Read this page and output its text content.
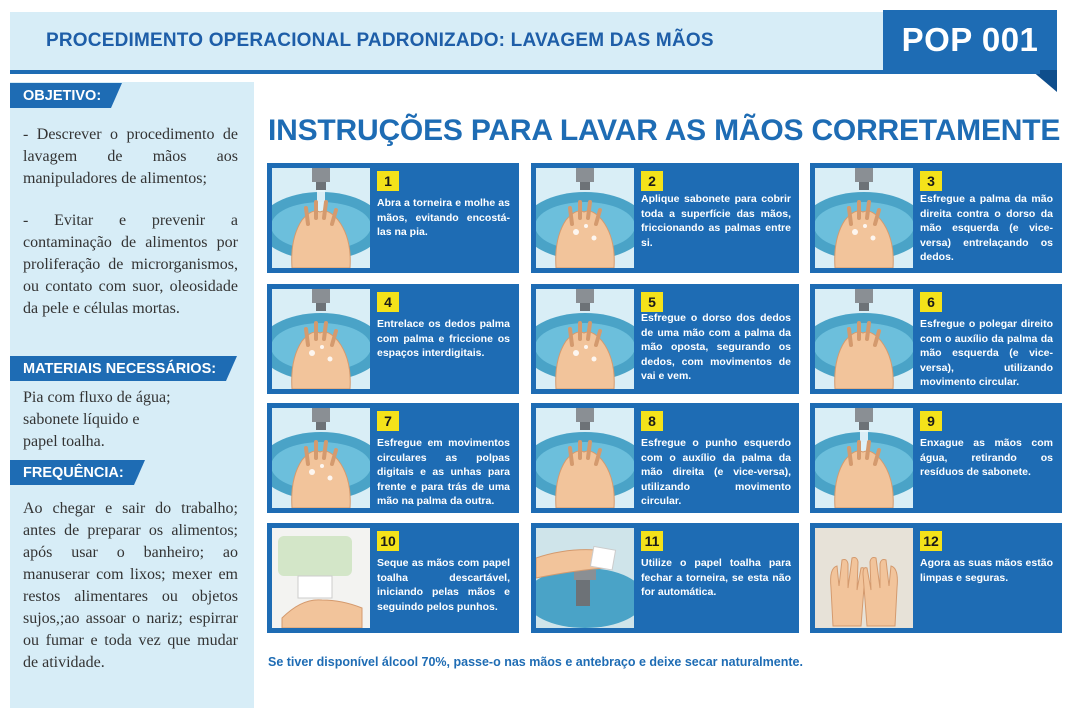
PROCEDIMENTO OPERACIONAL PADRONIZADO: LAVAGEM DAS MÃOS	POP 001
OBJETIVO:
- Descrever o procedimento de lavagem de mãos aos manipuladores de alimentos;
- Evitar e prevenir a contaminação de alimentos por proliferação de microrganismos, ou contato com suor, oleosidade da pele e células mortas.
MATERIAIS NECESSÁRIOS:
Pia com fluxo de água; sabonete líquido e papel toalha.
FREQUÊNCIA:
Ao chegar e sair do trabalho; antes de preparar os alimentos; após usar o banheiro; ao manuserar com lixos; mexer em restos alimentares ou objetos sujos,;ao assoar o nariz; espirrar ou fumar e toda vez que mudar de atividade.
INSTRUÇÕES PARA LAVAR AS MÃOS CORRETAMENTE
1
Abra a torneira e molhe as mãos, evitando encostá-las na pia.
2
Aplique sabonete para cobrir toda a superfície das mãos, friccionando as palmas entre si.
3
Esfregue a palma da mão direita contra o dorso da mão esquerda (e vice-versa) entrelaçando os dedos.
4
Entrelace os dedos palma com palma e friccione os espaços interdigitais.
5
Esfregue o dorso dos dedos de uma mão com a palma da mão oposta, segurando os dedos, com movimentos de vai e vem.
6
Esfregue o polegar direito com o auxílio da palma da mão esquerda (e vice-versa), utilizando movimento circular.
7
Esfregue em movimentos circulares as polpas digitais e as unhas para frente e para trás de uma mão na palma da outra.
8
Esfregue o punho esquerdo com o auxílio da palma da mão direita (e vice-versa), utilizando movimento circular.
9
Enxague as mãos com água, retirando os resíduos de sabonete.
10
Seque as mãos com papel toalha descartável, iniciando pelas mãos e seguindo pelos punhos.
11
Utilize o papel toalha para fechar a torneira, se esta não for automática.
12
Agora as suas mãos estão limpas e seguras.
Se tiver disponível álcool 70%, passe-o nas mãos e antebraço e deixe secar naturalmente.
